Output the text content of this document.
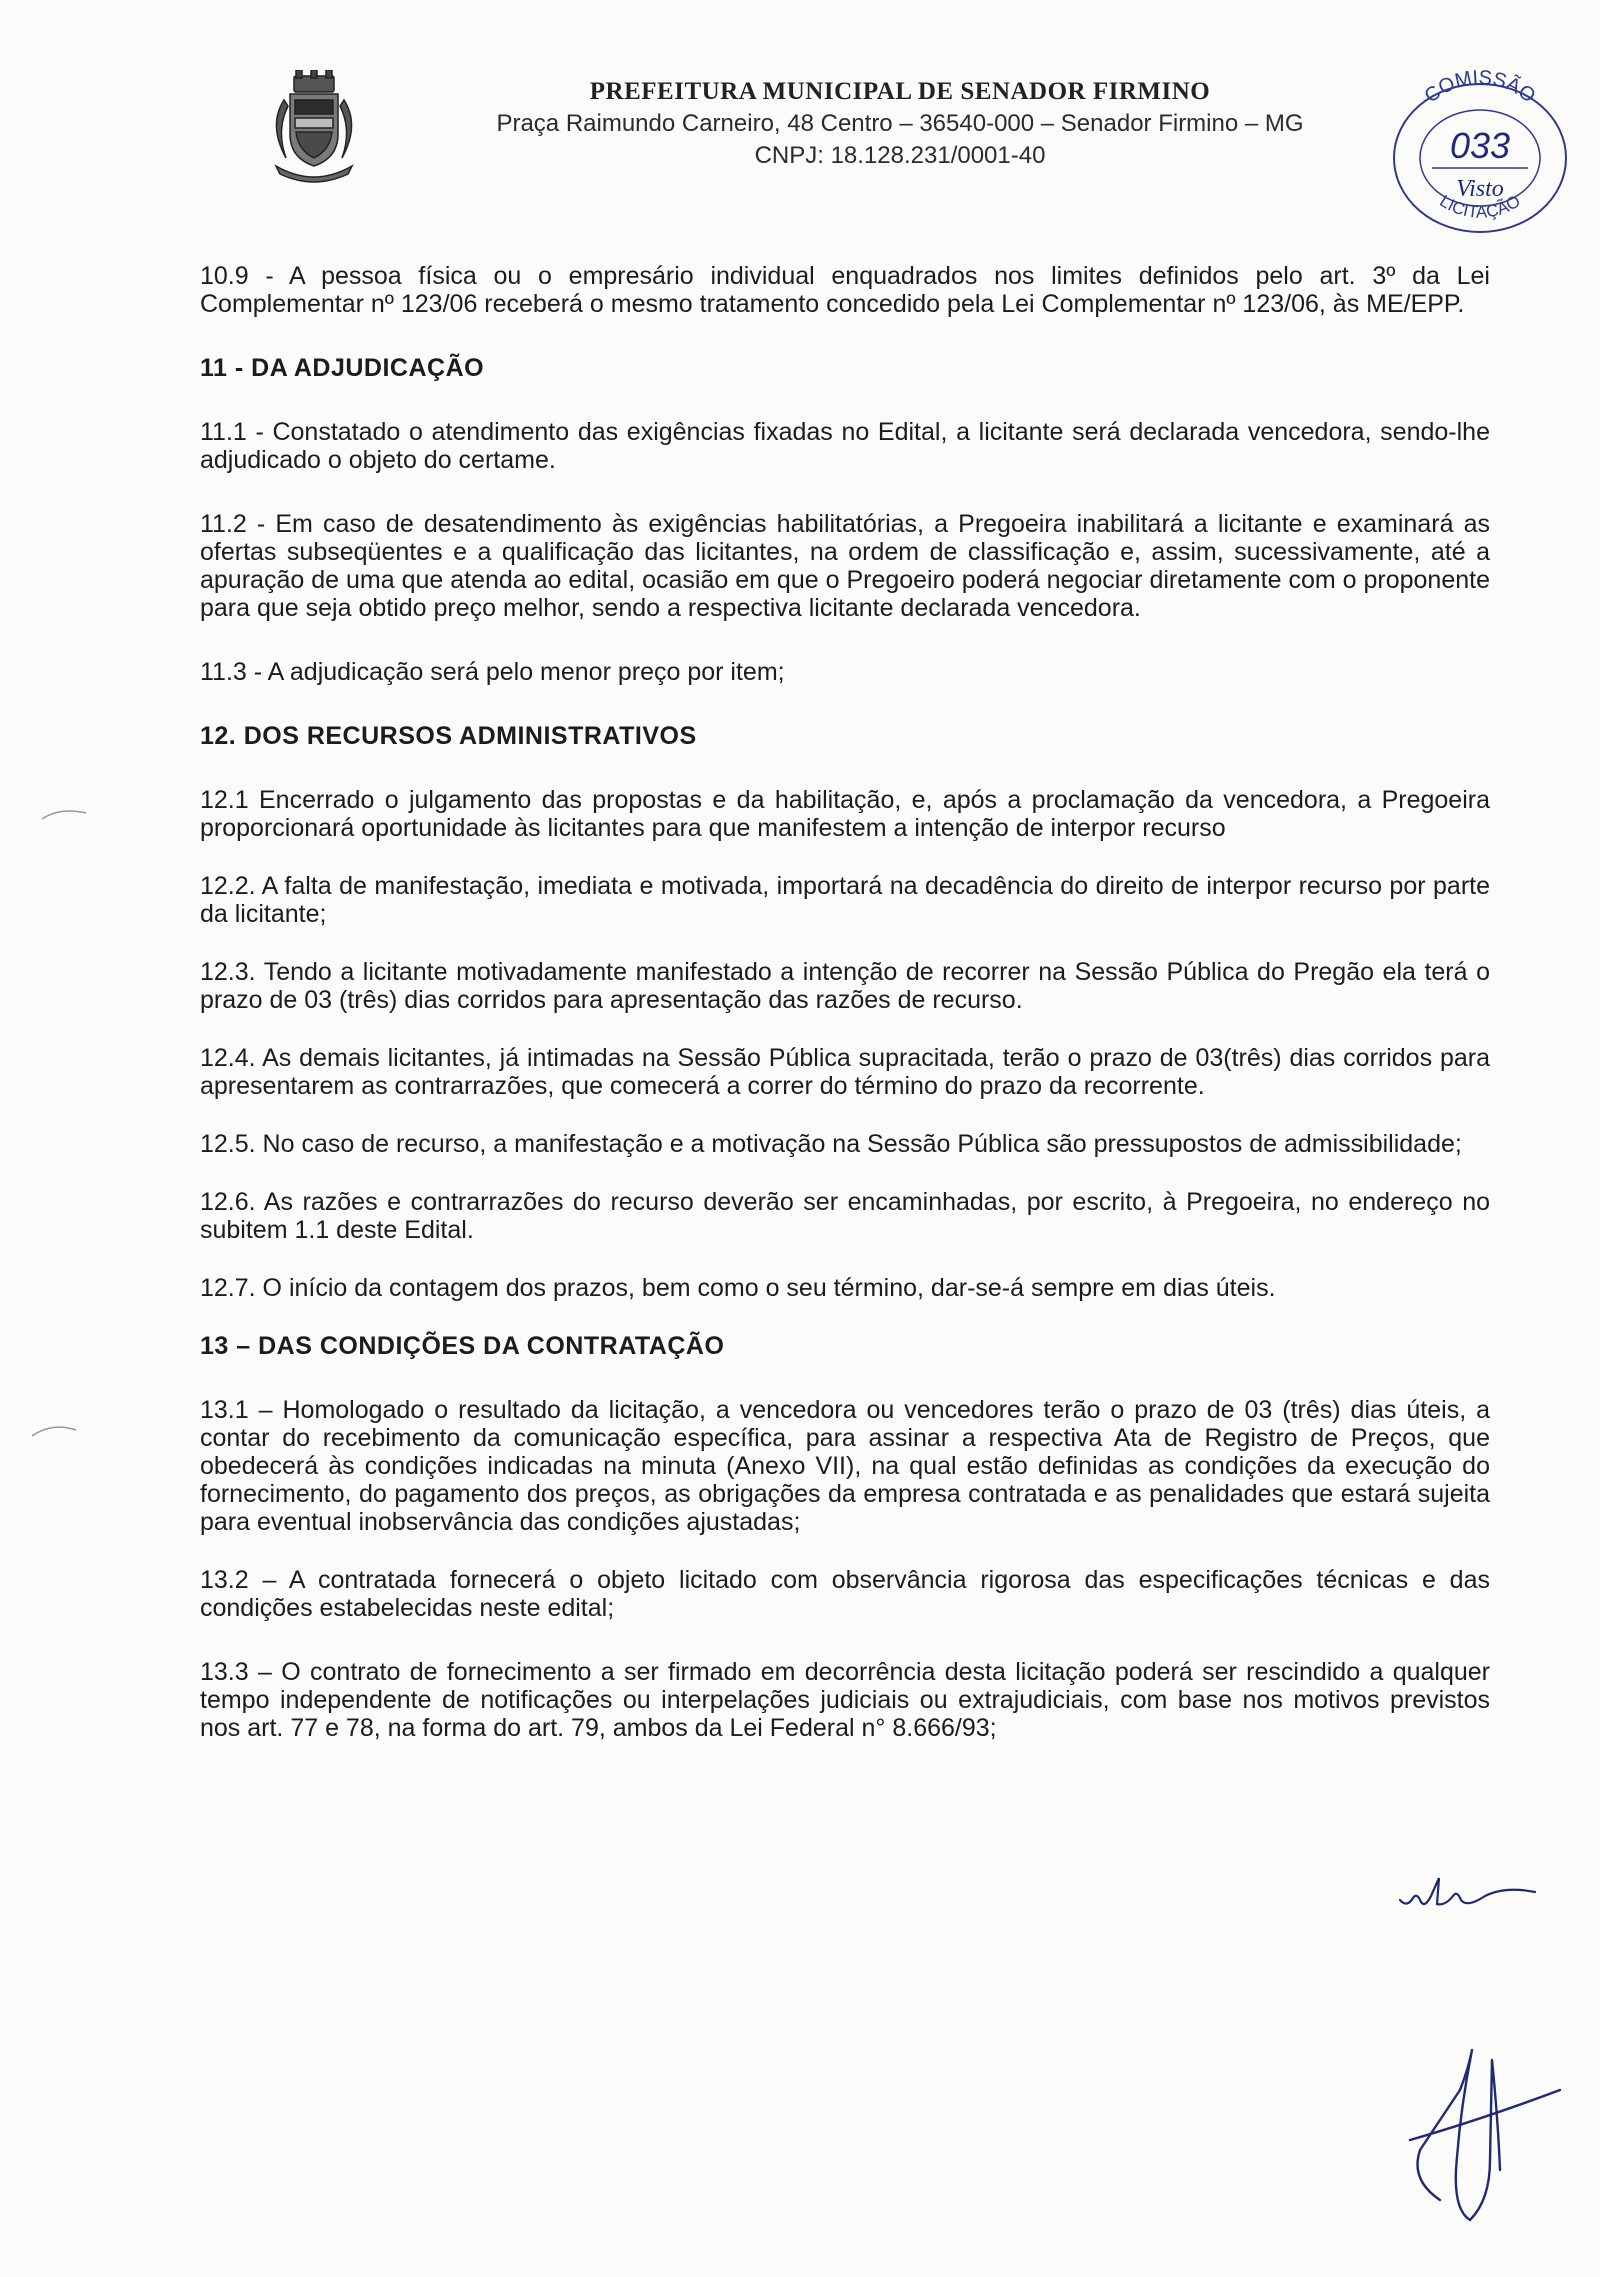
PREFEITURA MUNICIPAL DE SENADOR FIRMINO
Praça Raimundo Carneiro, 48 Centro – 36540-000 – Senador Firmino – MG
CNPJ: 18.128.231/0001-40
COMISSÃO
033
Visto
LICITAÇÃO

10.9 - A pessoa física ou o empresário individual enquadrados nos limites definidos pelo art. 3º da Lei Complementar nº 123/06 receberá o mesmo tratamento concedido pela Lei Complementar nº 123/06, às ME/EPP.

11 - DA ADJUDICAÇÃO

11.1 - Constatado o atendimento das exigências fixadas no Edital, a licitante será declarada vencedora, sendo-lhe adjudicado o objeto do certame.

11.2 - Em caso de desatendimento às exigências habilitatórias, a Pregoeira inabilitará a licitante e examinará as ofertas subseqüentes e a qualificação das licitantes, na ordem de classificação e, assim, sucessivamente, até a apuração de uma que atenda ao edital, ocasião em que o Pregoeiro poderá negociar diretamente com o proponente para que seja obtido preço melhor, sendo a respectiva licitante declarada vencedora.

11.3 - A adjudicação será pelo menor preço por item;

12. DOS RECURSOS ADMINISTRATIVOS

12.1 Encerrado o julgamento das propostas e da habilitação, e, após a proclamação da vencedora, a Pregoeira proporcionará oportunidade às licitantes para que manifestem a intenção de interpor recurso

12.2. A falta de manifestação, imediata e motivada, importará na decadência do direito de interpor recurso por parte da licitante;

12.3. Tendo a licitante motivadamente manifestado a intenção de recorrer na Sessão Pública do Pregão ela terá o prazo de 03 (três) dias corridos para apresentação das razões de recurso.

12.4. As demais licitantes, já intimadas na Sessão Pública supracitada, terão o prazo de 03(três) dias corridos para apresentarem as contrarrazões, que comecerá a correr do término do prazo da recorrente.

12.5. No caso de recurso, a manifestação e a motivação na Sessão Pública são pressupostos de admissibilidade;

12.6. As razões e contrarrazões do recurso deverão ser encaminhadas, por escrito, à Pregoeira, no endereço no subitem 1.1 deste Edital.

12.7. O início da contagem dos prazos, bem como o seu término, dar-se-á sempre em dias úteis.

13 – DAS CONDIÇÕES DA CONTRATAÇÃO

13.1 – Homologado o resultado da licitação, a vencedora ou vencedores terão o prazo de 03 (três) dias úteis, a contar do recebimento da comunicação específica, para assinar a respectiva Ata de Registro de Preços, que obedecerá às condições indicadas na minuta (Anexo VII), na qual estão definidas as condições da execução do fornecimento, do pagamento dos preços, as obrigações da empresa contratada e as penalidades que estará sujeita para eventual inobservância das condições ajustadas;

13.2 – A contratada fornecerá o objeto licitado com observância rigorosa das especificações técnicas e das condições estabelecidas neste edital;

13.3 – O contrato de fornecimento a ser firmado em decorrência desta licitação poderá ser rescindido a qualquer tempo independente de notificações ou interpelações judiciais ou extrajudiciais, com base nos motivos previstos nos art. 77 e 78, na forma do art. 79, ambos da Lei Federal n° 8.666/93;
